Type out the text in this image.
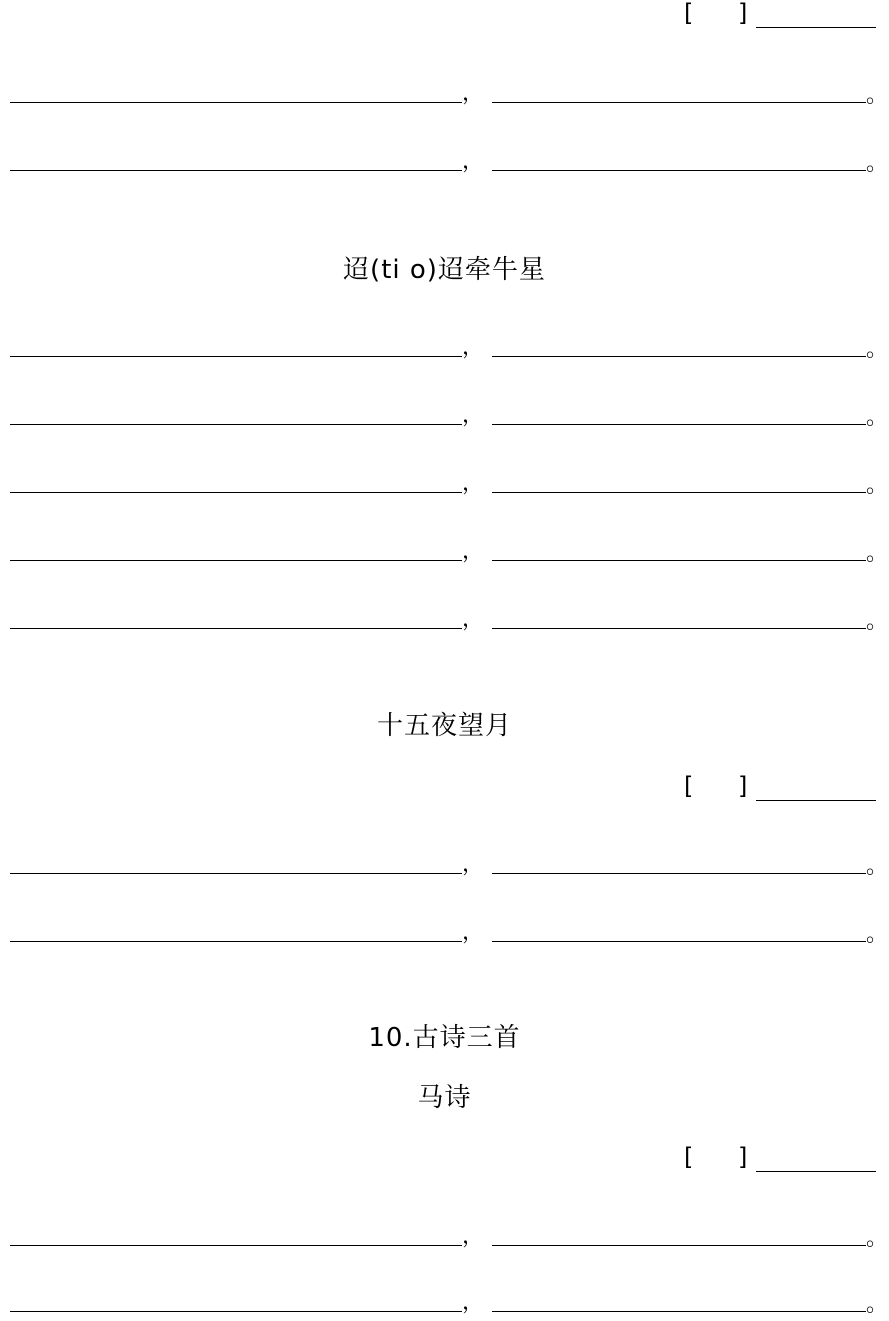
[ ]
，	。
，	。
迢(ti o)迢牵牛星
，	。
，	。
，	。
，	。
，	。
十五夜望月
[ ]
，	。
，	。
10.古诗三首
马诗
[ ]
，	。
，	。
